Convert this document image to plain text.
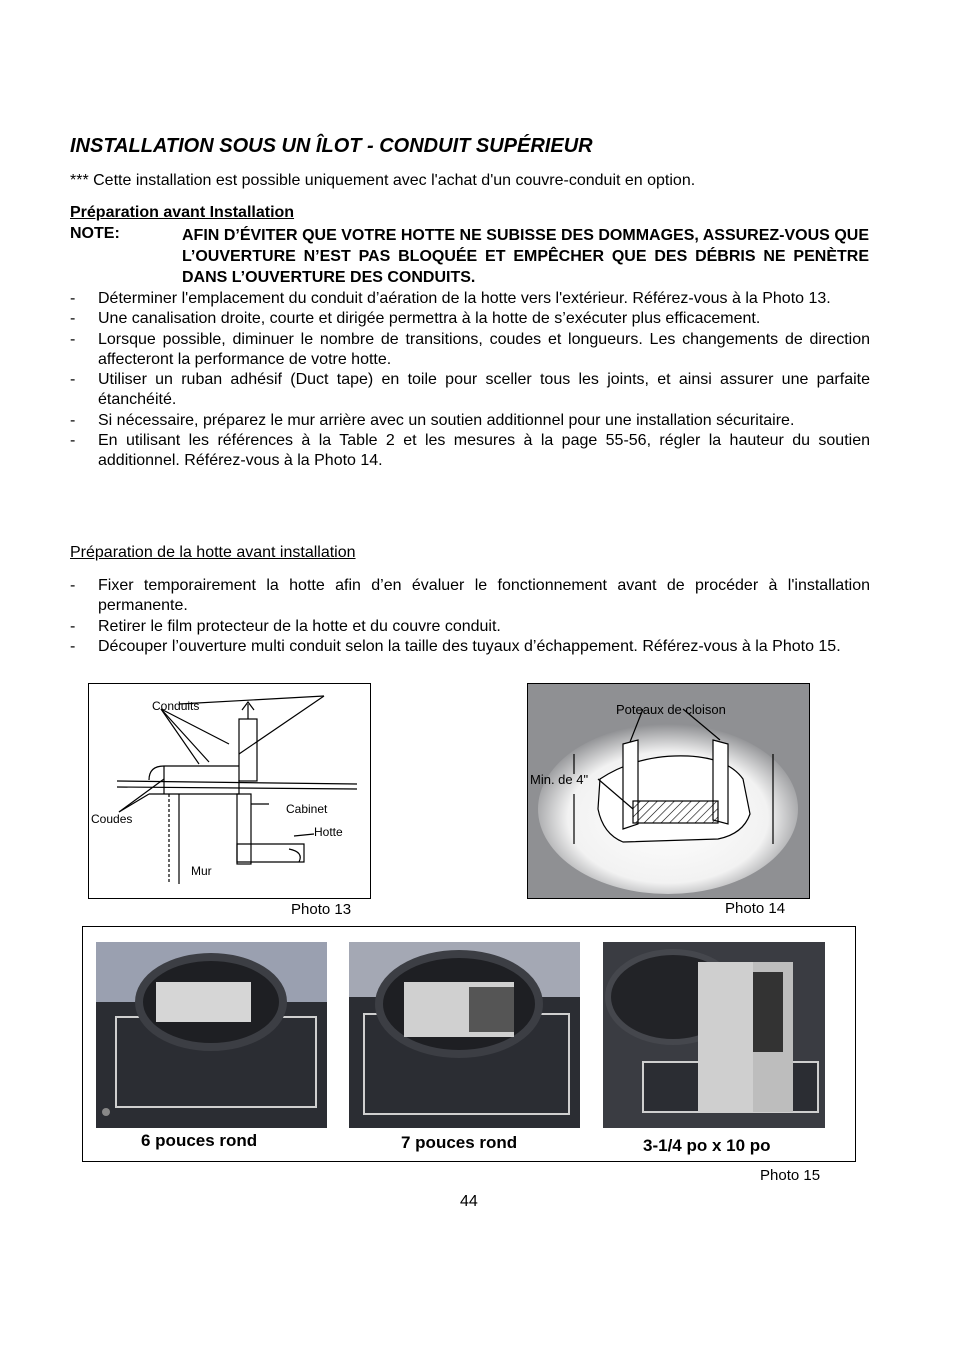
INSTALLATION SOUS UN ÎLOT - CONDUIT SUPÉRIEUR
*** Cette installation est possible uniquement avec l'achat d'un couvre-conduit en option.
Préparation avant Installation
NOTE:	AFIN D’ÉVITER QUE VOTRE HOTTE NE SUBISSE DES DOMMAGES, ASSUREZ-VOUS QUE L’OUVERTURE N’EST PAS BLOQUÉE ET EMPÊCHER QUE DES DÉBRIS NE PENÈTRE DANS L’OUVERTURE DES CONDUITS.
- Déterminer l'emplacement du conduit d’aération de la hotte vers l'extérieur. Référez-vous à la Photo 13.
- Une canalisation droite, courte et dirigée permettra à la hotte de s’exécuter plus efficacement.
- Lorsque possible, diminuer le nombre de transitions, coudes et longueurs. Les changements de direction affecteront la performance de votre hotte.
- Utiliser un ruban adhésif (Duct tape) en toile pour sceller tous les joints, et ainsi assurer une parfaite étanchéité.
- Si nécessaire, préparez le mur arrière avec un soutien additionnel pour une installation sécuritaire.
- En utilisant les références à la Table 2 et les mesures à la page 55-56, régler la hauteur du soutien additionnel. Référez-vous à la Photo 14.
Préparation de la hotte avant installation
- Fixer temporairement la hotte afin d’en évaluer le fonctionnement avant de procéder à l'installation permanente.
- Retirer le film protecteur de la hotte et du couvre conduit.
- Découper l’ouverture multi conduit selon la taille des tuyaux d’échappement. Référez-vous à la Photo 15.
Conduits
Coudes
Cabinet
Hotte
Mur
Photo 13
Poteaux de cloison
Min. de 4"
Photo 14
6 pouces rond	7 pouces rond	3-1/4 po x 10 po
Photo 15
44
